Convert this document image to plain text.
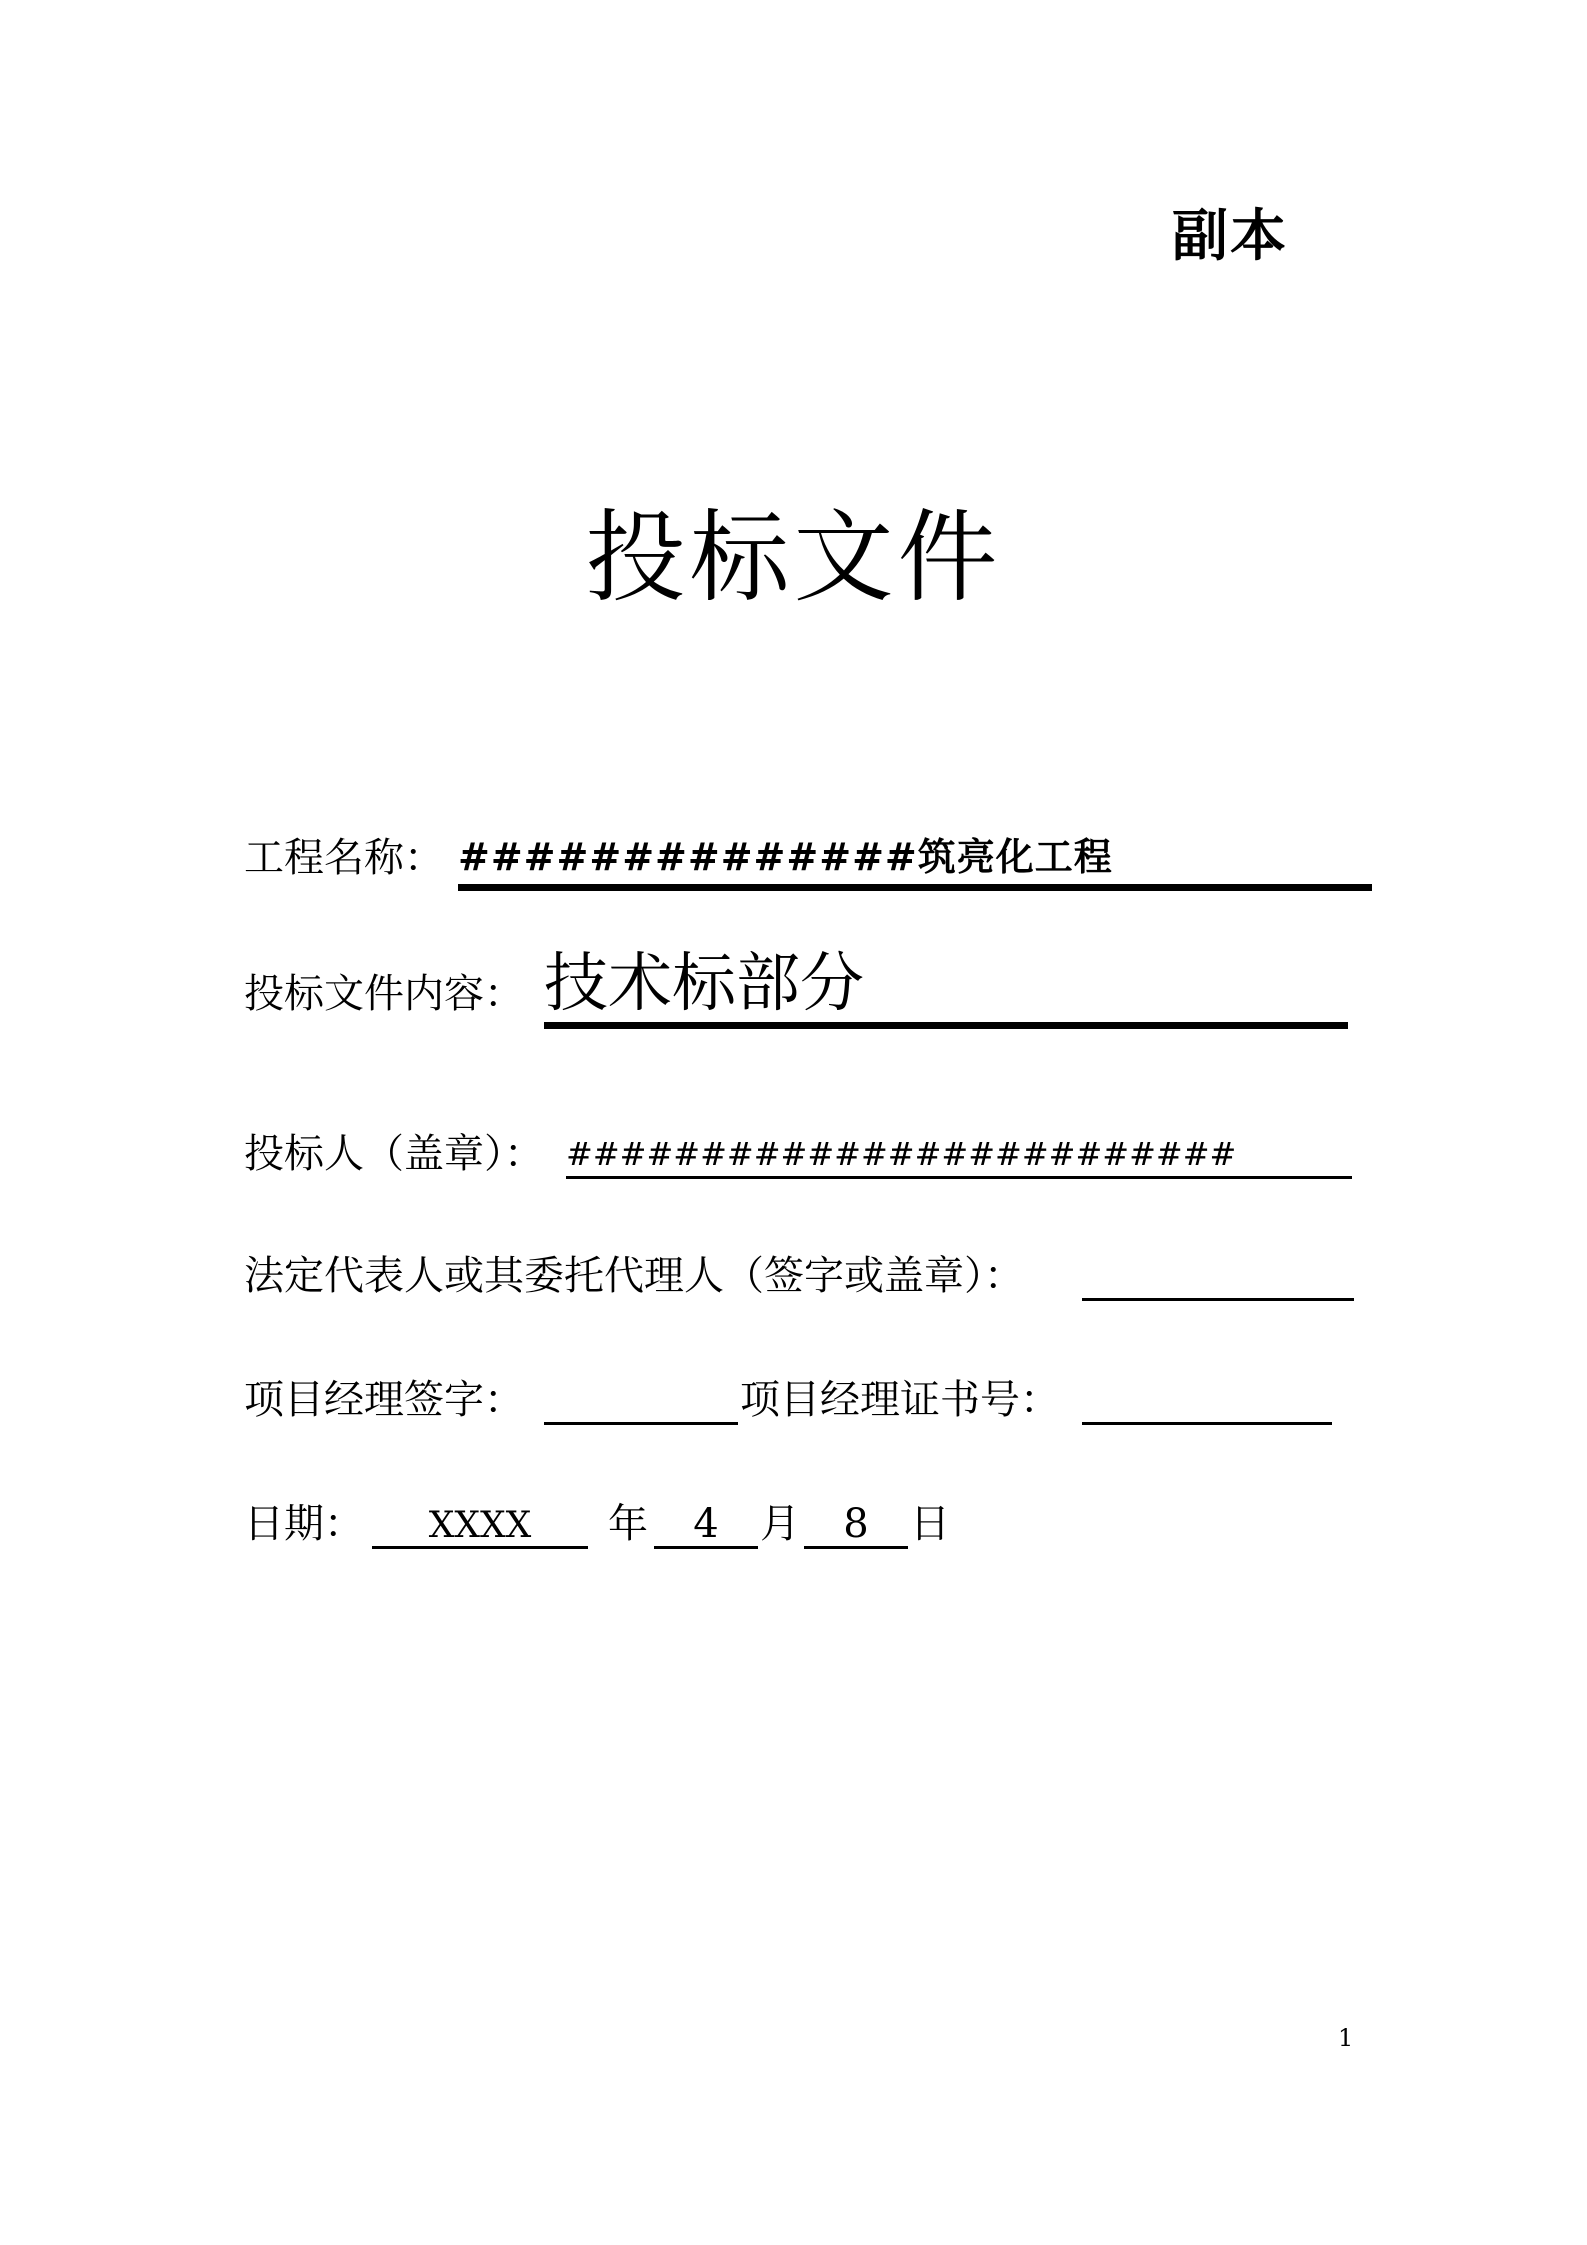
副本
投标文件
工程名称： ##############筑亮化工程
投标文件内容： 技术标部分
投标人（盖章）： #########################
法定代表人或其委托代理人（签字或盖章）：
项目经理签字：	项目经理证书号：
日期：	XXXX	年	4	月	8	日
1
